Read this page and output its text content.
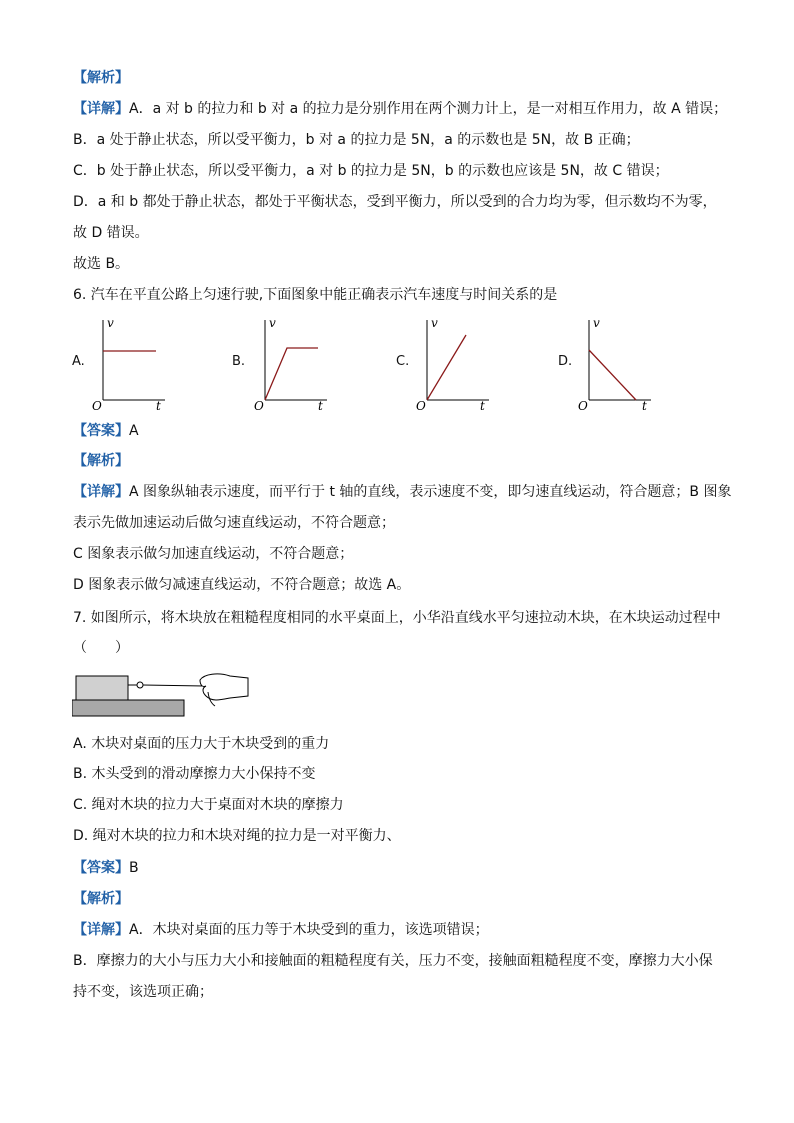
【解析】
【详解】A．a 对 b 的拉力和 b 对 a 的拉力是分别作用在两个测力计上，是一对相互作用力，故 A 错误；
B．a 处于静止状态，所以受平衡力，b 对 a 的拉力是 5N，a 的示数也是 5N，故 B 正确；
C．b 处于静止状态，所以受平衡力，a 对 b 的拉力是 5N，b 的示数也应该是 5N，故 C 错误；
D．a 和 b 都处于静止状态，都处于平衡状态，受到平衡力，所以受到的合力均为零，但示数均不为零，
故 D 错误。
故选 B。
6. 汽车在平直公路上匀速行驶,下面图象中能正确表示汽车速度与时间关系的是
A.
v
t
O
B.
v
t
O
C.
v
t
O
D.
v
t
O
【答案】A
【解析】
【详解】A 图象纵轴表示速度，而平行于 t 轴的直线，表示速度不变，即匀速直线运动，符合题意；B 图象
表示先做加速运动后做匀速直线运动，不符合题意；
C 图象表示做匀加速直线运动，不符合题意；
D 图象表示做匀减速直线运动，不符合题意；故选 A。
7. 如图所示，将木块放在粗糙程度相同的水平桌面上，小华沿直线水平匀速拉动木块，在木块运动过程中
（　　）
A. 木块对桌面的压力大于木块受到的重力
B. 木头受到的滑动摩擦力大小保持不变
C. 绳对木块的拉力大于桌面对木块的摩擦力
D. 绳对木块的拉力和木块对绳的拉力是一对平衡力、
【答案】B
【解析】
【详解】A．木块对桌面的压力等于木块受到的重力，该选项错误；
B．摩擦力的大小与压力大小和接触面的粗糙程度有关，压力不变，接触面粗糙程度不变，摩擦力大小保
持不变，该选项正确；
